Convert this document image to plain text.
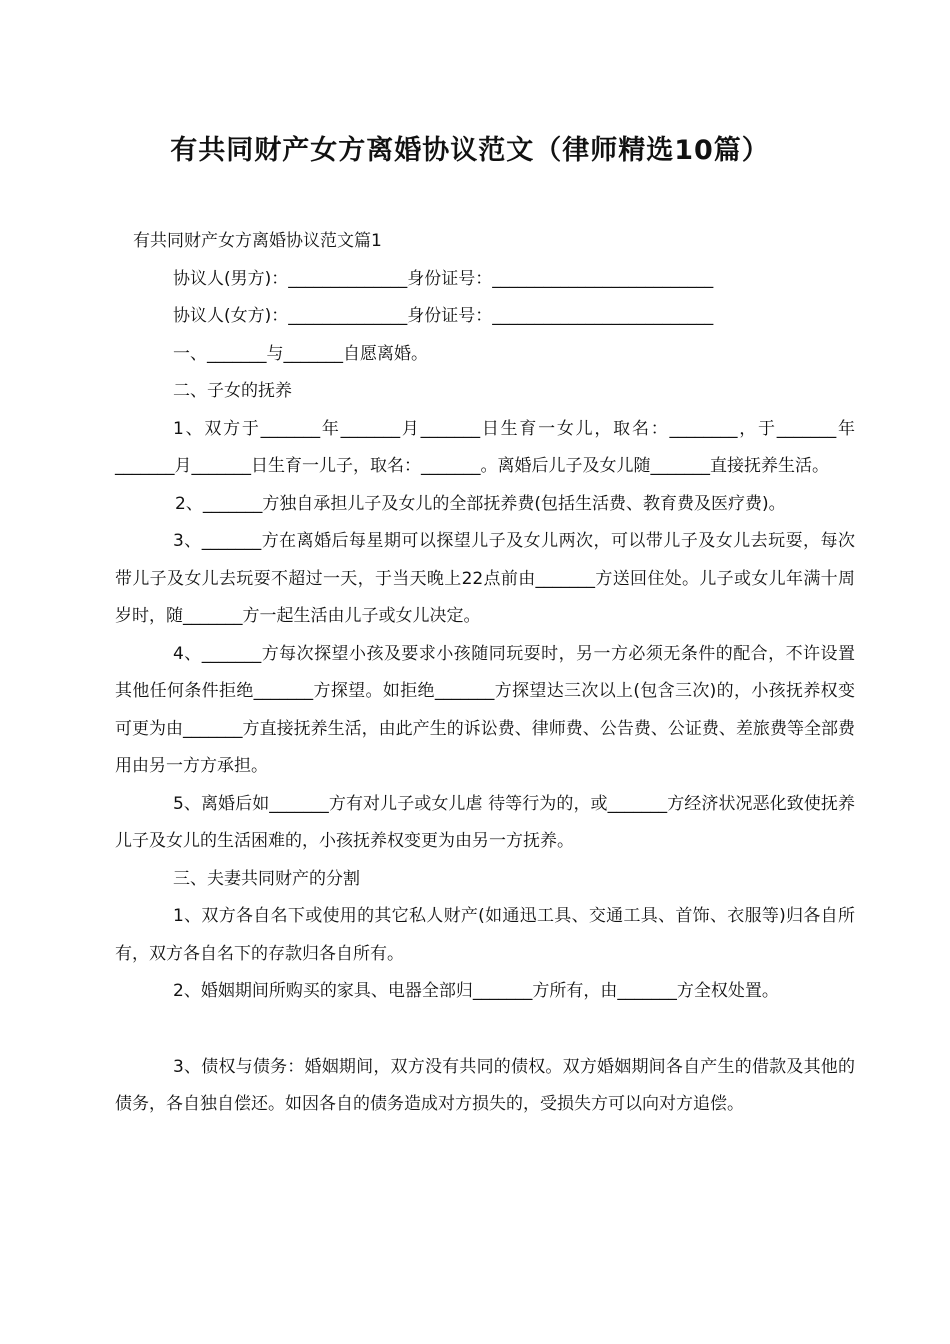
有共同财产女方离婚协议范文（律师精选10篇）

有共同财产女方离婚协议范文篇1

协议人(男方)：______________身份证号：__________________________

协议人(女方)：______________身份证号：__________________________

一、_______与_______自愿离婚。

二、子女的抚养

1、双方于_______年_______月_______日生育一女儿，取名：________，于_______年_______月_______日生育一儿子，取名：_______。离婚后儿子及女儿随_______直接抚养生活。

2、_______方独自承担儿子及女儿的全部抚养费(包括生活费、教育费及医疗费)。

3、_______方在离婚后每星期可以探望儿子及女儿两次，可以带儿子及女儿去玩耍，每次带儿子及女儿去玩耍不超过一天，于当天晚上22点前由_______方送回住处。儿子或女儿年满十周岁时，随_______方一起生活由儿子或女儿决定。

4、_______方每次探望小孩及要求小孩随同玩耍时，另一方必须无条件的配合，不许设置其他任何条件拒绝_______方探望。如拒绝_______方探望达三次以上(包含三次)的，小孩抚养权变可更为由_______方直接抚养生活，由此产生的诉讼费、律师费、公告费、公证费、差旅费等全部费用由另一方方承担。

5、离婚后如_______方有对儿子或女儿虐 待等行为的，或_______方经济状况恶化致使抚养儿子及女儿的生活困难的，小孩抚养权变更为由另一方抚养。

三、夫妻共同财产的分割

1、双方各自名下或使用的其它私人财产(如通迅工具、交通工具、首饰、衣服等)归各自所有，双方各自名下的存款归各自所有。

2、婚姻期间所购买的家具、电器全部归_______方所有，由_______方全权处置。

3、债权与债务：婚姻期间，双方没有共同的债权。双方婚姻期间各自产生的借款及其他的债务，各自独自偿还。如因各自的债务造成对方损失的，受损失方可以向对方追偿。
